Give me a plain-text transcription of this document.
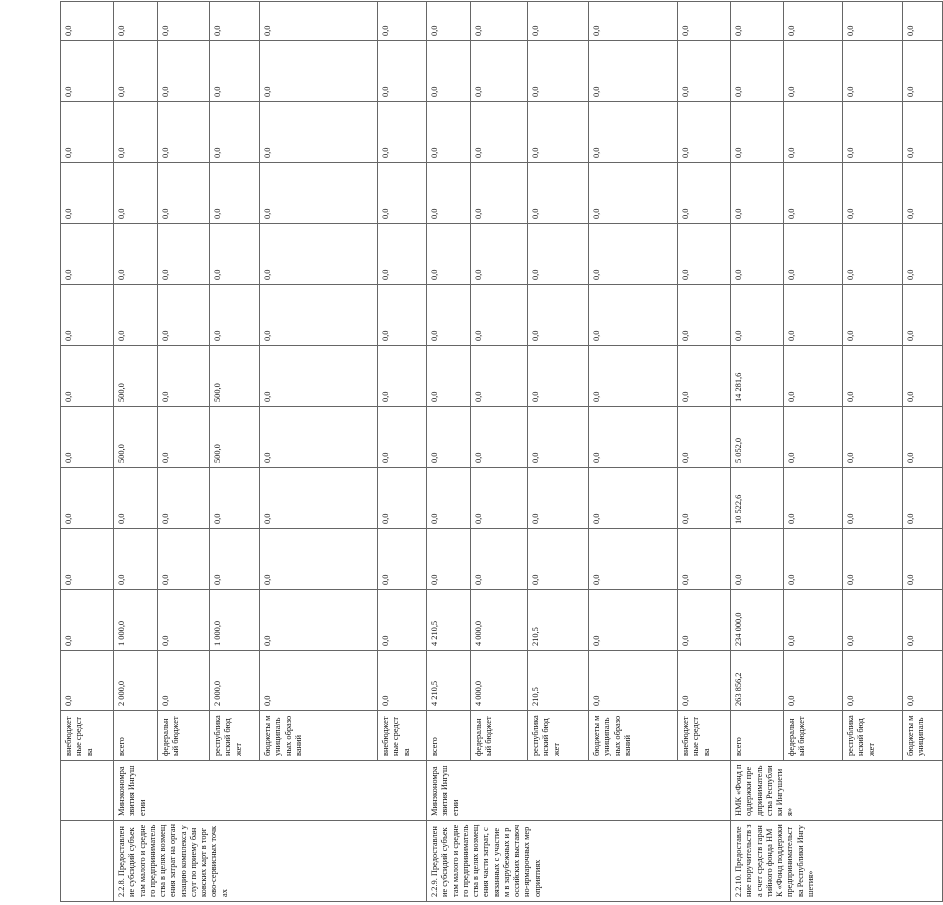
		внебюджетные средства	0,0	0,0	0,0	0,0	0,0	0,0	0,0	0,0	0,0	0,0	0,0	0,0
2.2.8. Предоставление субсидий субъектам малого и среднего предпринимательства в целях возмещения затрат на организацию комплекса услуг по приему банковских карт в торгово-сервисных точках	Минэкономразвития Ингушетии	всего	2 000,0	1 000,0	0,0	0,0	500,0	500,0	0,0	0,0	0,0	0,0	0,0	0,0
		федеральный бюджет	0,0	0,0	0,0	0,0	0,0	0,0	0,0	0,0	0,0	0,0	0,0	0,0
		республиканский бюджет	2 000,0	1 000,0	0,0	0,0	500,0	500,0	0,0	0,0	0,0	0,0	0,0	0,0
		бюджеты муниципальных образований	0,0	0,0	0,0	0,0	0,0	0,0	0,0	0,0	0,0	0,0	0,0	0,0
		внебюджетные средства	0,0	0,0	0,0	0,0	0,0	0,0	0,0	0,0	0,0	0,0	0,0	0,0
2.2.9. Предоставление субсидий субъектам малого и среднего предпринимательства в целях возмещения части затрат, связанных с участием в зарубежных и российских выставочно-ярмарочных мероприятиях	Минэкономразвития Ингушетии	всего	4 210,5	4 210,5	0,0	0,0	0,0	0,0	0,0	0,0	0,0	0,0	0,0	0,0
		федеральный бюджет	4 000,0	4 000,0	0,0	0,0	0,0	0,0	0,0	0,0	0,0	0,0	0,0	0,0
		республиканский бюджет	210,5	210,5	0,0	0,0	0,0	0,0	0,0	0,0	0,0	0,0	0,0	0,0
		бюджеты муниципальных образований	0,0	0,0	0,0	0,0	0,0	0,0	0,0	0,0	0,0	0,0	0,0	0,0
		внебюджетные средства	0,0	0,0	0,0	0,0	0,0	0,0	0,0	0,0	0,0	0,0	0,0	0,0
2.2.10. Предоставление поручительств за счет средств гарантийного фонда НМК «Фонд поддержки предпринимательства Республики Ингушетия»	НМК «Фонд поддержки предпринимательства Республики Ингушетия»	всего	263 856,2	234 000,0	0,0	10 522,6	5 052,0	14 281,6	0,0	0,0	0,0	0,0	0,0	0,0
		федеральный бюджет	0,0	0,0	0,0	0,0	0,0	0,0	0,0	0,0	0,0	0,0	0,0	0,0
		республиканский бюджет	0,0	0,0	0,0	0,0	0,0	0,0	0,0	0,0	0,0	0,0	0,0	0,0
		бюджеты муниципаль	0,0	0,0	0,0	0,0	0,0	0,0	0,0	0,0	0,0	0,0	0,0	0,0
